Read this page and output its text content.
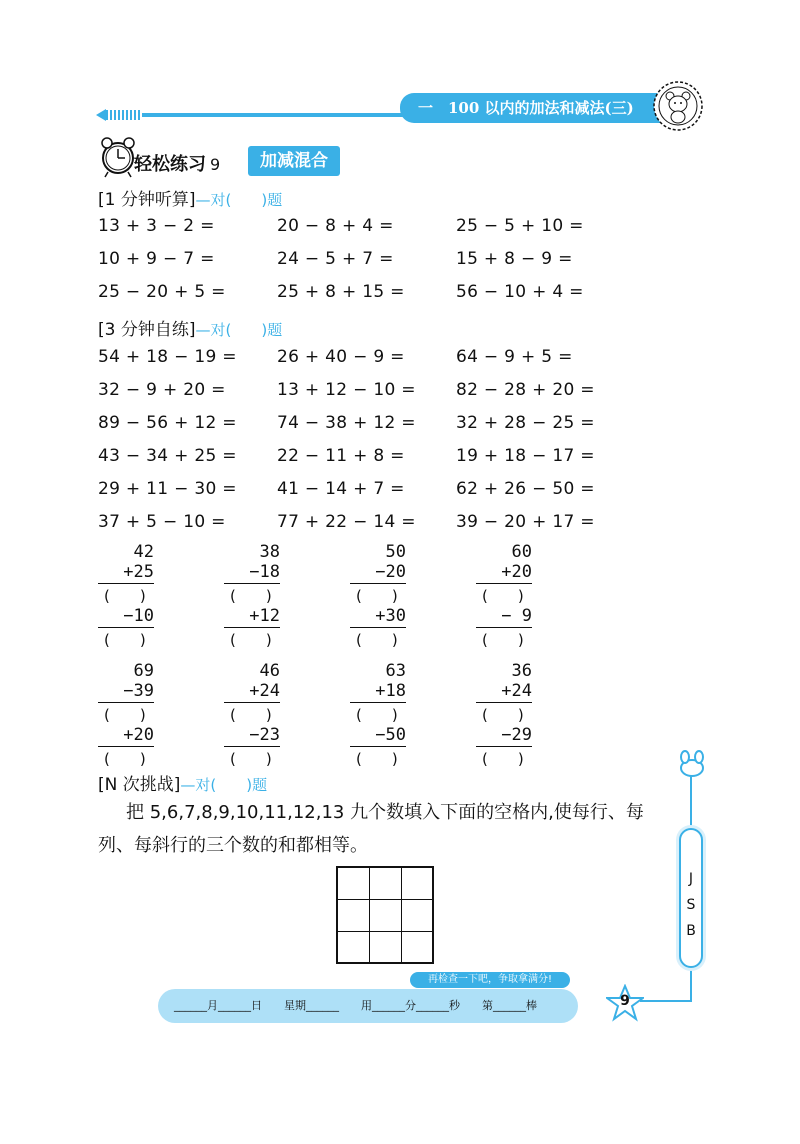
一　100 以内的加法和减法(三)
轻松练习 9	加减混合
[1 分钟听算]—对(　　)题
13 + 3 − 2 =	20 − 8 + 4 =	25 − 5 + 10 =
10 + 9 − 7 =	24 − 5 + 7 =	15 + 8 − 9 =
25 − 20 + 5 =	25 + 8 + 15 =	56 − 10 + 4 =
[3 分钟自练]—对(　　)题
54 + 18 − 19 = 26 + 40 − 9 =	64 − 9 + 5 =
32 − 9 + 20 =	13 + 12 − 10 = 82 − 28 + 20 =
89 − 56 + 12 = 74 − 38 + 12 = 32 + 28 − 25 =
43 − 34 + 25 = 22 − 11 + 8 =	19 + 18 − 17 =
29 + 11 − 30 = 41 − 14 + 7 =	62 + 26 − 50 =
37 + 5 − 10 =	77 + 22 − 14 = 39 − 20 + 17 =
42
+25
(　　)
−10
(　　)
38
−18
(　　)
+12
(　　)
50
−20
(　　)
+30
(　　)
60
+20
(　　)
− 9
(　　)
69
−39
(　　)
+20
(　　)
46
+24
(　　)
−23
(　　)
63
+18
(　　)
−50
(　　)
36
+24
(　　)
−29
(　　)
[N 次挑战]—对(　　)题
把 5,6,7,8,9,10,11,12,13 九个数填入下面的空格内,使每行、每列、每斜行的三个数的和都相等。
J
S
B
再检查一下吧，争取拿满分!
______月______日　　星期______　　用______分______秒　　第______棒	9
